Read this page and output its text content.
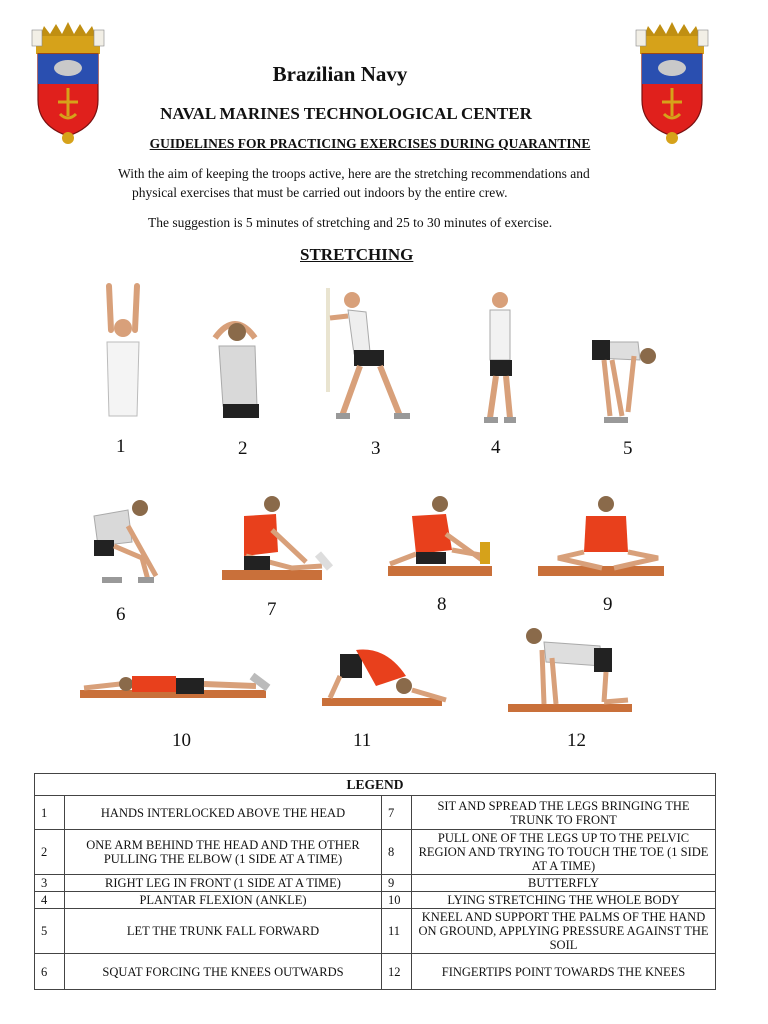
Brazilian Navy
NAVAL MARINES TECHNOLOGICAL CENTER
GUIDELINES FOR PRACTICING EXERCISES DURING QUARANTINE
With the aim of keeping the troops active, here are the stretching recommendations and
physical exercises that must be carried out indoors by the entire crew.
The suggestion is 5 minutes of stretching and 25 to 30 minutes of exercise.
STRETCHING
1	2	3	4	5
6	7	8	9
10	11	12
LEGEND			
1	HANDS INTERLOCKED ABOVE THE HEAD	7	SIT AND SPREAD THE LEGS BRINGING THE TRUNK TO FRONT
2	ONE ARM BEHIND THE HEAD AND THE OTHER PULLING THE ELBOW (1 SIDE AT A TIME)	8	PULL ONE OF THE LEGS UP TO THE PELVIC REGION AND TRYING TO TOUCH THE TOE (1 SIDE AT A TIME)
3	RIGHT LEG IN FRONT (1 SIDE AT A TIME)	9	BUTTERFLY
4	PLANTAR FLEXION (ANKLE)	10	LYING STRETCHING THE WHOLE BODY
5	LET THE TRUNK FALL FORWARD	11	KNEEL AND SUPPORT THE PALMS OF THE HAND ON GROUND, APPLYING PRESSURE AGAINST THE SOIL
6	SQUAT FORCING THE KNEES OUTWARDS	12	FINGERTIPS POINT TOWARDS THE KNEES
